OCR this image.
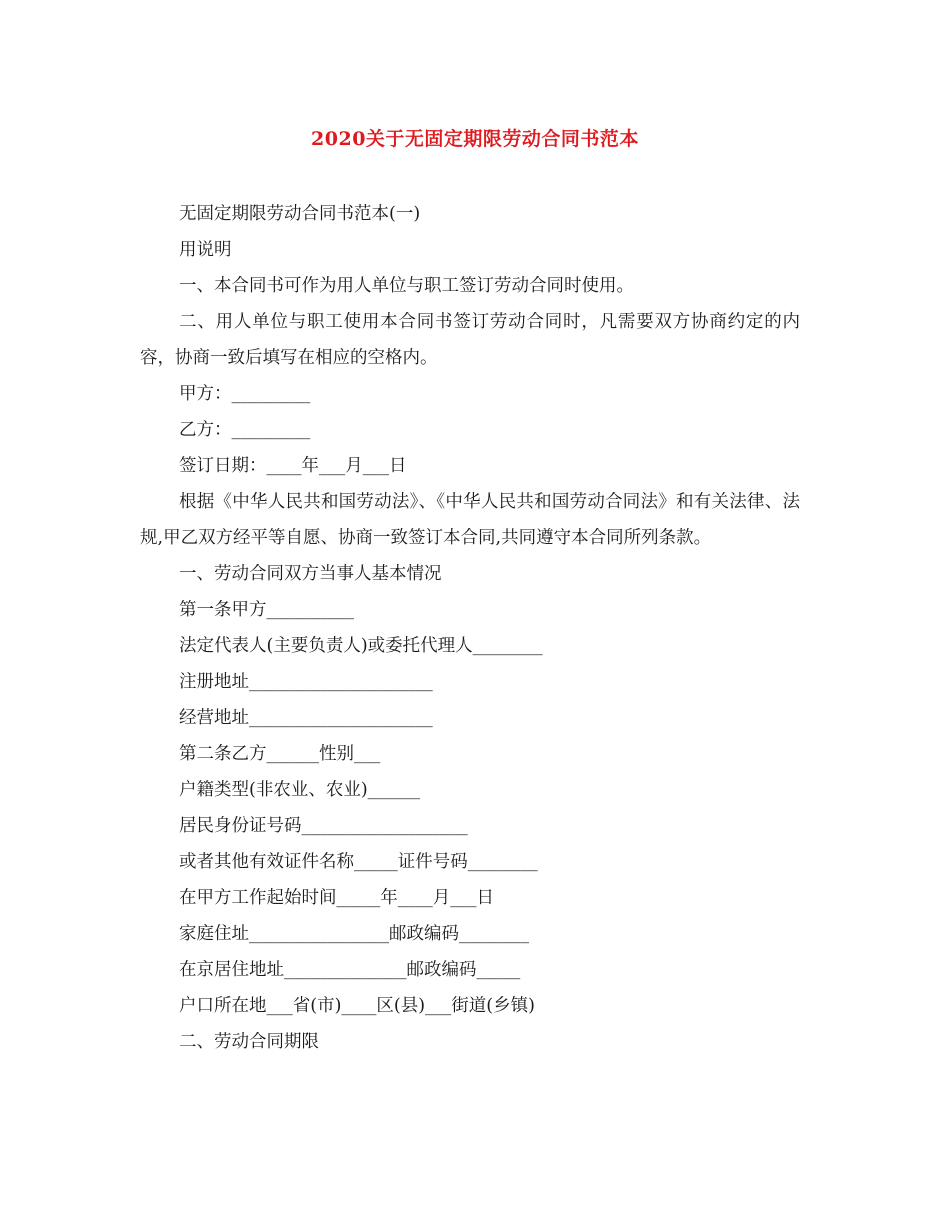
2020关于无固定期限劳动合同书范本

无固定期限劳动合同书范本(一)

用说明

一、本合同书可作为用人单位与职工签订劳动合同时使用。

二、用人单位与职工使用本合同书签订劳动合同时，凡需要双方协商约定的内容，协商一致后填写在相应的空格内。

甲方：_________

乙方：_________

签订日期：____年___月___日

根据《中华人民共和国劳动法》、《中华人民共和国劳动合同法》和有关法律、法规,甲乙双方经平等自愿、协商一致签订本合同,共同遵守本合同所列条款。

一、劳动合同双方当事人基本情况

第一条甲方__________

法定代表人(主要负责人)或委托代理人________

注册地址_____________________

经营地址_____________________

第二条乙方______性别___

户籍类型(非农业、农业)______

居民身份证号码___________________

或者其他有效证件名称_____证件号码________

在甲方工作起始时间_____年____月___日

家庭住址________________邮政编码________

在京居住地址______________邮政编码_____

户口所在地___省(市)____区(县)___街道(乡镇)

二、劳动合同期限
